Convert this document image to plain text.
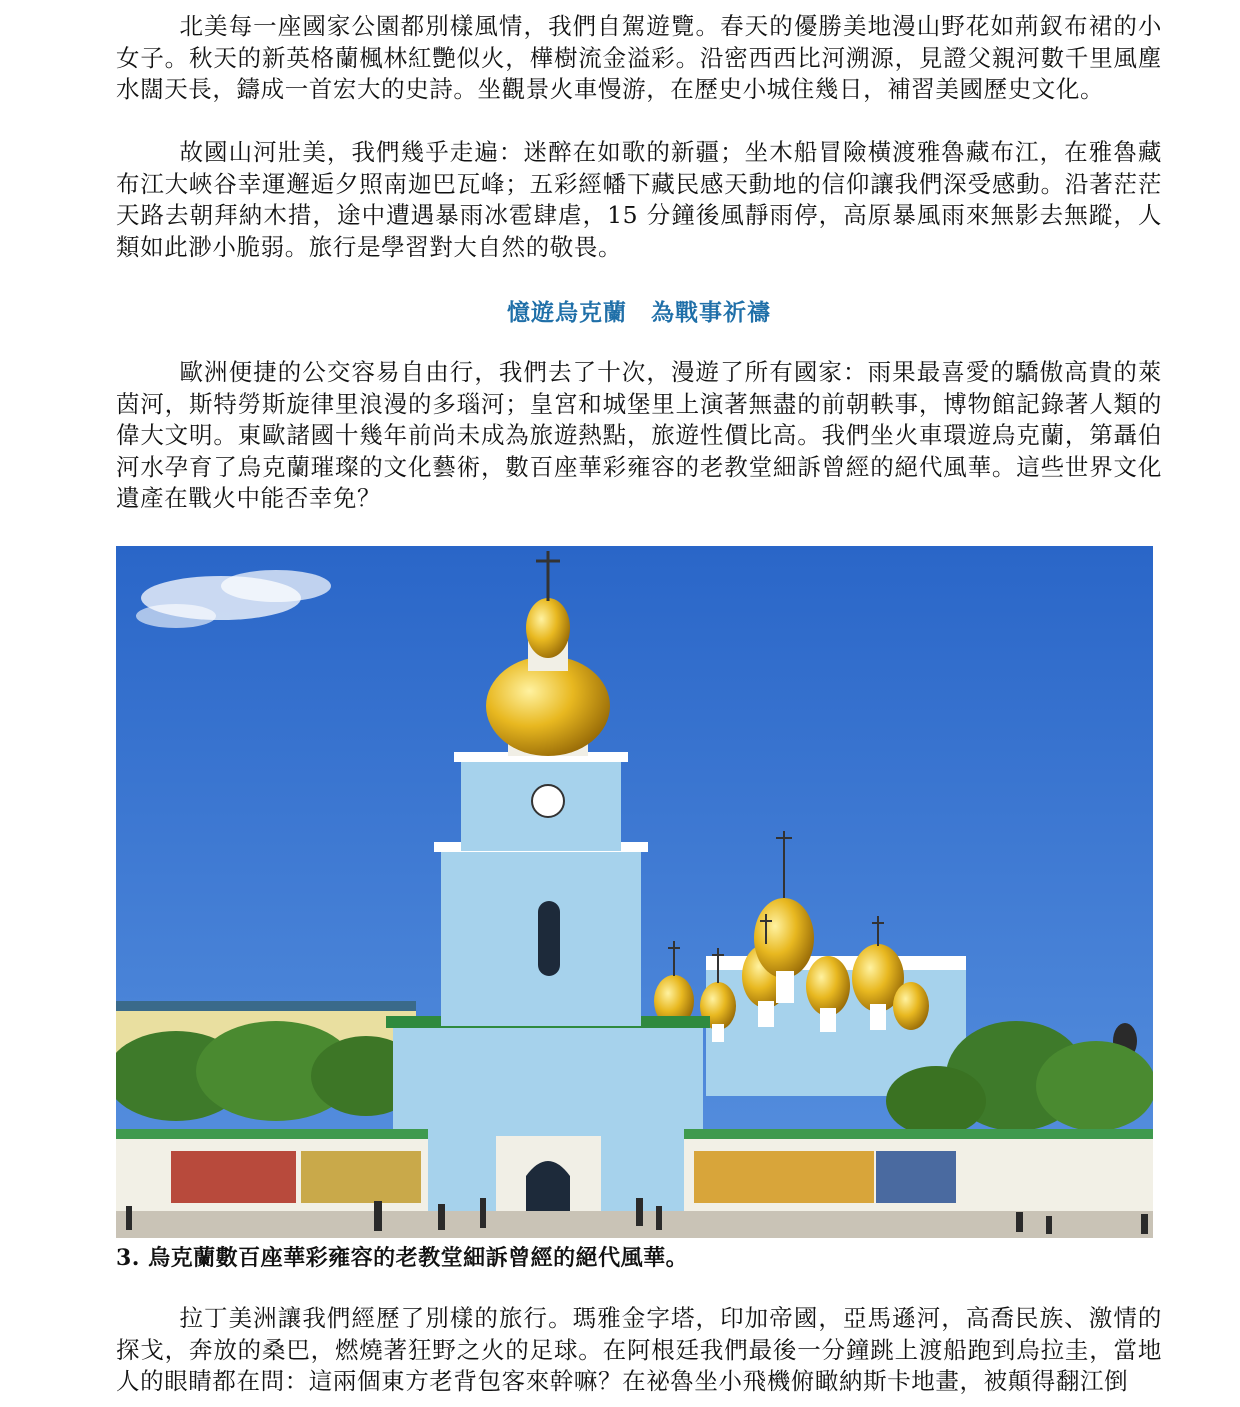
北美每一座國家公園都別樣風情，我們自駕遊覽。春天的優勝美地漫山野花如荊釵布裙的小女子。秋天的新英格蘭楓林紅艷似火，樺樹流金溢彩。沿密西西比河溯源，見證父親河數千里風塵水闊天長，鑄成一首宏大的史詩。坐觀景火車慢游，在歷史小城住幾日，補習美國歷史文化。

故國山河壯美，我們幾乎走遍：迷醉在如歌的新疆；坐木船冒險橫渡雅魯藏布江，在雅魯藏布江大峽谷幸運邂逅夕照南迦巴瓦峰；五彩經幡下藏民感天動地的信仰讓我們深受感動。沿著茫茫天路去朝拜納木措，途中遭遇暴雨冰雹肆虐，15 分鐘後風靜雨停，高原暴風雨來無影去無蹤，人類如此渺小脆弱。旅行是學習對大自然的敬畏。

憶遊烏克蘭　為戰事祈禱

歐洲便捷的公交容易自由行，我們去了十次，漫遊了所有國家：雨果最喜愛的驕傲高貴的萊茵河，斯特勞斯旋律里浪漫的多瑙河；皇宮和城堡里上演著無盡的前朝軼事，博物館記錄著人類的偉大文明。東歐諸國十幾年前尚未成為旅遊熱點，旅遊性價比高。我們坐火車環遊烏克蘭，第聶伯河水孕育了烏克蘭璀璨的文化藝術，數百座華彩雍容的老教堂細訴曾經的絕代風華。這些世界文化遺產在戰火中能否幸免？

3. 烏克蘭數百座華彩雍容的老教堂細訴曾經的絕代風華。

拉丁美洲讓我們經歷了別樣的旅行。瑪雅金字塔，印加帝國，亞馬遜河，高喬民族、激情的探戈，奔放的桑巴，燃燒著狂野之火的足球。在阿根廷我們最後一分鐘跳上渡船跑到烏拉圭，當地人的眼睛都在問：這兩個東方老背包客來幹嘛？在祕魯坐小飛機俯瞰納斯卡地畫，被顛得翻江倒
